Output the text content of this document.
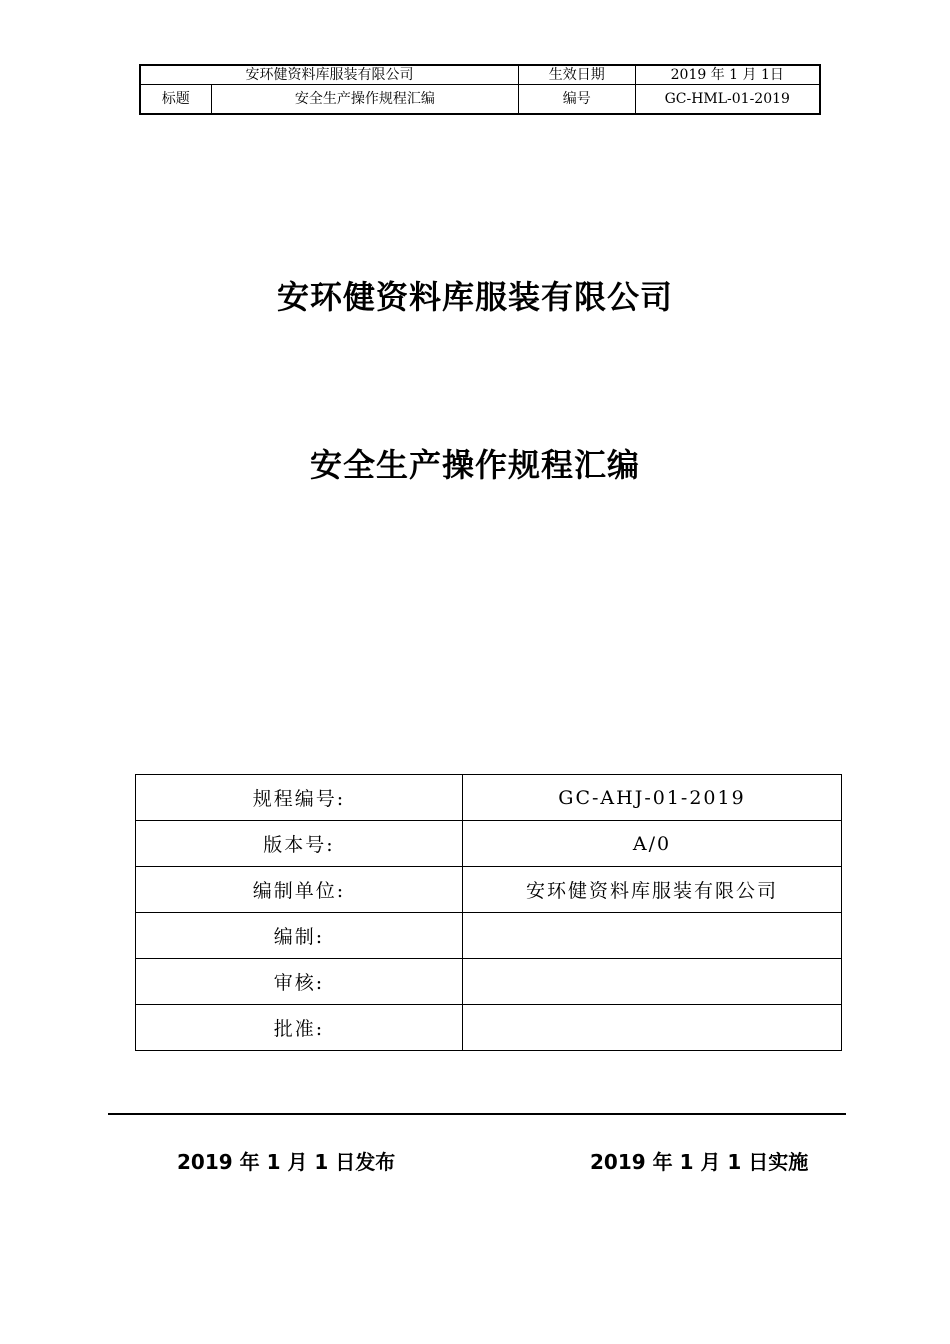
安环健资料库服装有限公司		生效日期	2019 年 1 月 1日
标题	安全生产操作规程汇编	编号	GC-HML-01-2019
安环健资料库服装有限公司
安全生产操作规程汇编
规程编号:	GC-AHJ-01-2019
版本号:	A/0
编制单位:	安环健资料库服装有限公司
编制:	
审核:	
批准:	
2019 年 1 月 1 日发布	2019 年 1 月 1 日实施
